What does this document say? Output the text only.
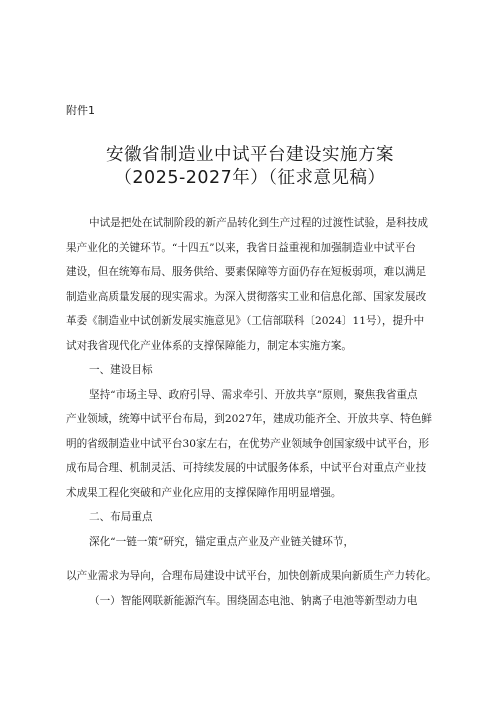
附件1
安徽省制造业中试平台建设实施方案
（2025-2027年）（征求意见稿）
中试是把处在试制阶段的新产品转化到生产过程的过渡性试验，是科技成
果产业化的关键环节。“十四五”以来，我省日益重视和加强制造业中试平台
建设，但在统筹布局、服务供给、要素保障等方面仍存在短板弱项，难以满足
制造业高质量发展的现实需求。为深入贯彻落实工业和信息化部、国家发展改
革委《制造业中试创新发展实施意见》（工信部联科〔2024〕11号），提升中
试对我省现代化产业体系的支撑保障能力，制定本实施方案。
一、建设目标
坚持“市场主导、政府引导、需求牵引、开放共享”原则，聚焦我省重点
产业领域，统筹中试平台布局，到2027年，建成功能齐全、开放共享、特色鲜
明的省级制造业中试平台30家左右，在优势产业领域争创国家级中试平台，形
成布局合理、机制灵活、可持续发展的中试服务体系，中试平台对重点产业技
术成果工程化突破和产业化应用的支撑保障作用明显增强。
二、布局重点
深化“一链一策”研究，锚定重点产业及产业链关键环节，
以产业需求为导向，合理布局建设中试平台，加快创新成果向新质生产力转化。
（一）智能网联新能源汽车。围绕固态电池、钠离子电池等新型动力电
